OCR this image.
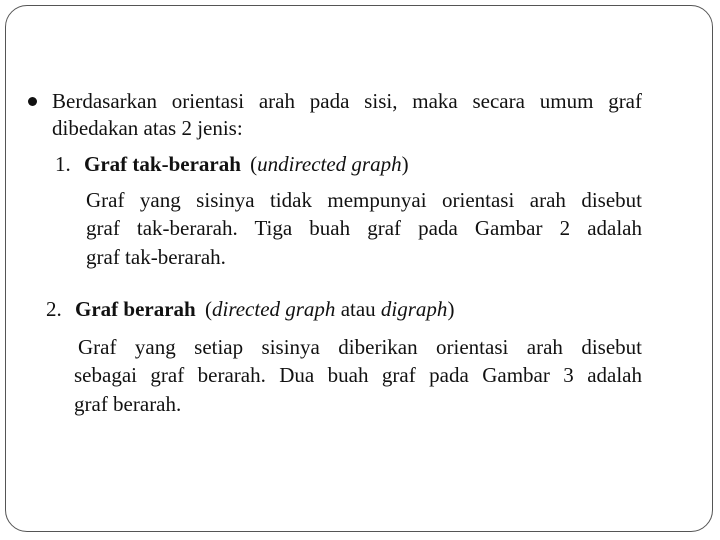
Berdasarkan orientasi arah pada sisi, maka secara umum graf
dibedakan atas 2 jenis:
1. Graf tak-berarah (undirected graph)
Graf yang sisinya tidak mempunyai orientasi arah disebut
graf tak-berarah. Tiga buah graf pada Gambar 2 adalah
graf tak-berarah.
2. Graf berarah (directed graph atau digraph)
Graf yang setiap sisinya diberikan orientasi arah disebut
sebagai graf berarah. Dua buah graf pada Gambar 3 adalah
graf berarah.
